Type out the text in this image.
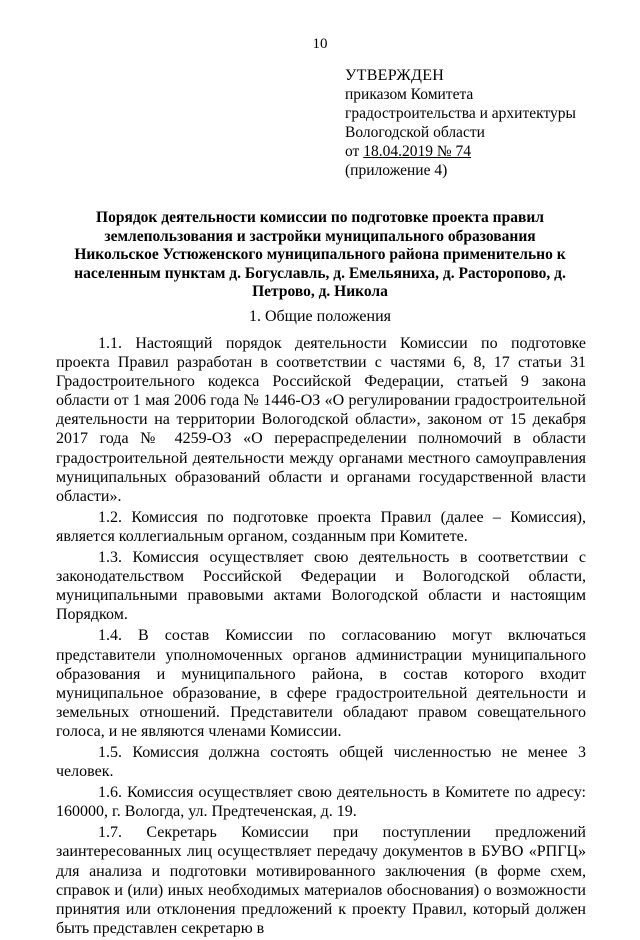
10
УТВЕРЖДЕН
приказом Комитета
градостроительства и архитектуры
Вологодской области
от 18.04.2019 № 74
(приложение 4)
Порядок деятельности комиссии по подготовке проекта правил землепользования и застройки муниципального образования Никольское Устюженского муниципального района применительно к населенным пунктам д. Богуславль, д. Емельяниха, д. Расторопово, д. Петрово, д. Никола
1. Общие положения

1.1. Настоящий порядок деятельности Комиссии по подготовке проекта Правил разработан в соответствии с частями 6, 8, 17 статьи 31 Градостроительного кодекса Российской Федерации, статьей 9 закона области от 1 мая 2006 года № 1446-ОЗ «О регулировании градостроительной деятельности на территории Вологодской области», законом от 15 декабря 2017 года № 4259-ОЗ «О перераспределении полномочий в области градостроительной деятельности между органами местного самоуправления муниципальных образований области и органами государственной власти области».

1.2. Комиссия по подготовке проекта Правил (далее – Комиссия), является коллегиальным органом, созданным при Комитете.

1.3. Комиссия осуществляет свою деятельность в соответствии с законодательством Российской Федерации и Вологодской области, муниципальными правовыми актами Вологодской области и настоящим Порядком.

1.4. В состав Комиссии по согласованию могут включаться представители уполномоченных органов администрации муниципального образования и муниципального района, в состав которого входит муниципальное образование, в сфере градостроительной деятельности и земельных отношений. Представители обладают правом совещательного голоса, и не являются членами Комиссии.

1.5. Комиссия должна состоять общей численностью не менее 3 человек.

1.6. Комиссия осуществляет свою деятельность в Комитете по адресу: 160000, г. Вологда, ул. Предтеченская, д. 19.

1.7. Секретарь Комиссии при поступлении предложений заинтересованных лиц осуществляет передачу документов в БУВО «РПГЦ» для анализа и подготовки мотивированного заключения (в форме схем, справок и (или) иных необходимых материалов обоснования) о возможности принятия или отклонения предложений к проекту Правил, который должен быть представлен секретарю в
